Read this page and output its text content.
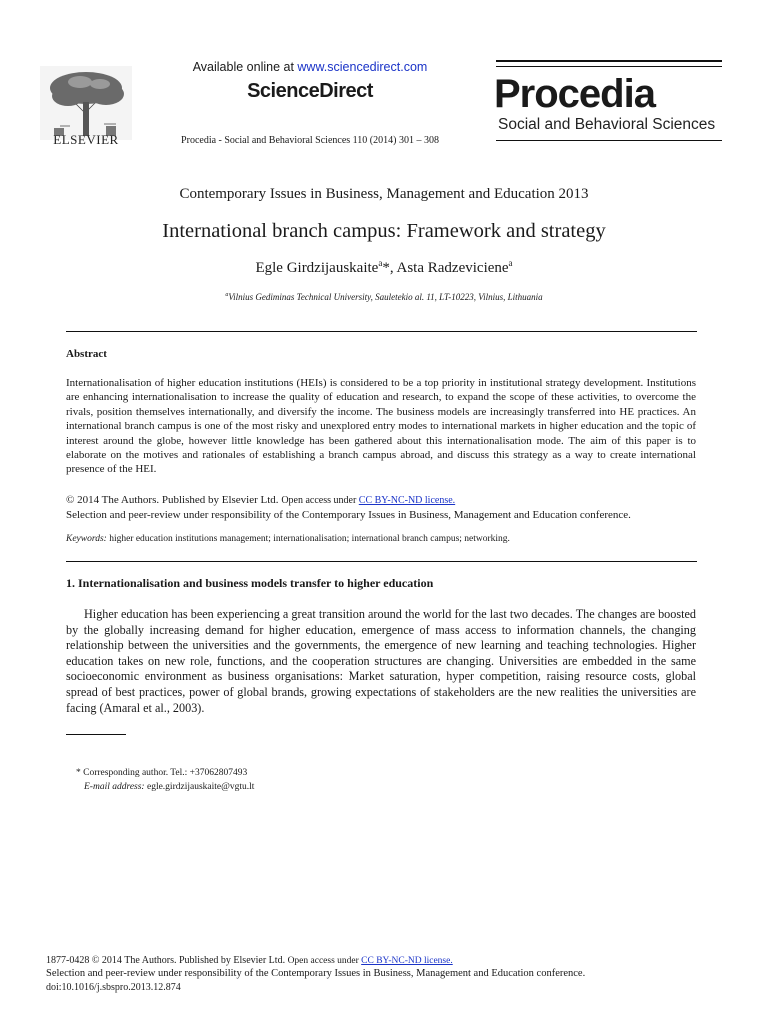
ELSEVIER
Available online at www.sciencedirect.com
ScienceDirect
Procedia - Social and Behavioral Sciences 110 (2014) 301 – 308
Procedia
Social and Behavioral Sciences
Contemporary Issues in Business, Management and Education 2013
International branch campus: Framework and strategy
Egle Girdzijauskaite$^a$*, Asta Radzeviciene$^a$
$^a$Vilnius Gediminas Technical University, Sauletekio al. 11, LT-10223, Vilnius, Lithuania
Abstract
Internationalisation of higher education institutions (HEIs) is considered to be a top priority in institutional strategy development. Institutions are enhancing internationalisation to increase the quality of education and research, to expand the scope of these activities, to overcome the rivals, position themselves internationally, and diversify the income. The business models are increasingly transferred into HE practices. An international branch campus is one of the most risky and unexplored entry modes to international markets in higher education and the topic of interest around the globe, however little knowledge has been gathered about this internationalisation mode. The aim of this paper is to elaborate on the motives and rationales of establishing a branch campus abroad, and discuss this strategy as a way to create international presence of the HEI.
© 2014 The Authors. Published by Elsevier Ltd. Open access under CC BY-NC-ND license.
Selection and peer-review under responsibility of the Contemporary Issues in Business, Management and Education conference.
Keywords: higher education institutions management; internationalisation; international branch campus; networking.
1. Internationalisation and business models transfer to higher education
Higher education has been experiencing a great transition around the world for the last two decades. The changes are boosted by the globally increasing demand for higher education, emergence of mass access to information channels, the changing relationship between the universities and the governments, the emergence of new learning and teaching technologies. Higher education takes on new role, functions, and the cooperation structures are changing. Universities are embedded in the same socioeconomic environment as business organisations: Market saturation, hyper competition, raising resource costs, global spread of best practices, power of global brands, growing expectations of stakeholders are the new realities the universities are facing (Amaral et al., 2003).
* Corresponding author. Tel.: +37062807493
E-mail address: egle.girdzijauskaite@vgtu.lt
1877-0428 © 2014 The Authors. Published by Elsevier Ltd. Open access under CC BY-NC-ND license.
Selection and peer-review under responsibility of the Contemporary Issues in Business, Management and Education conference.
doi:10.1016/j.sbspro.2013.12.874
